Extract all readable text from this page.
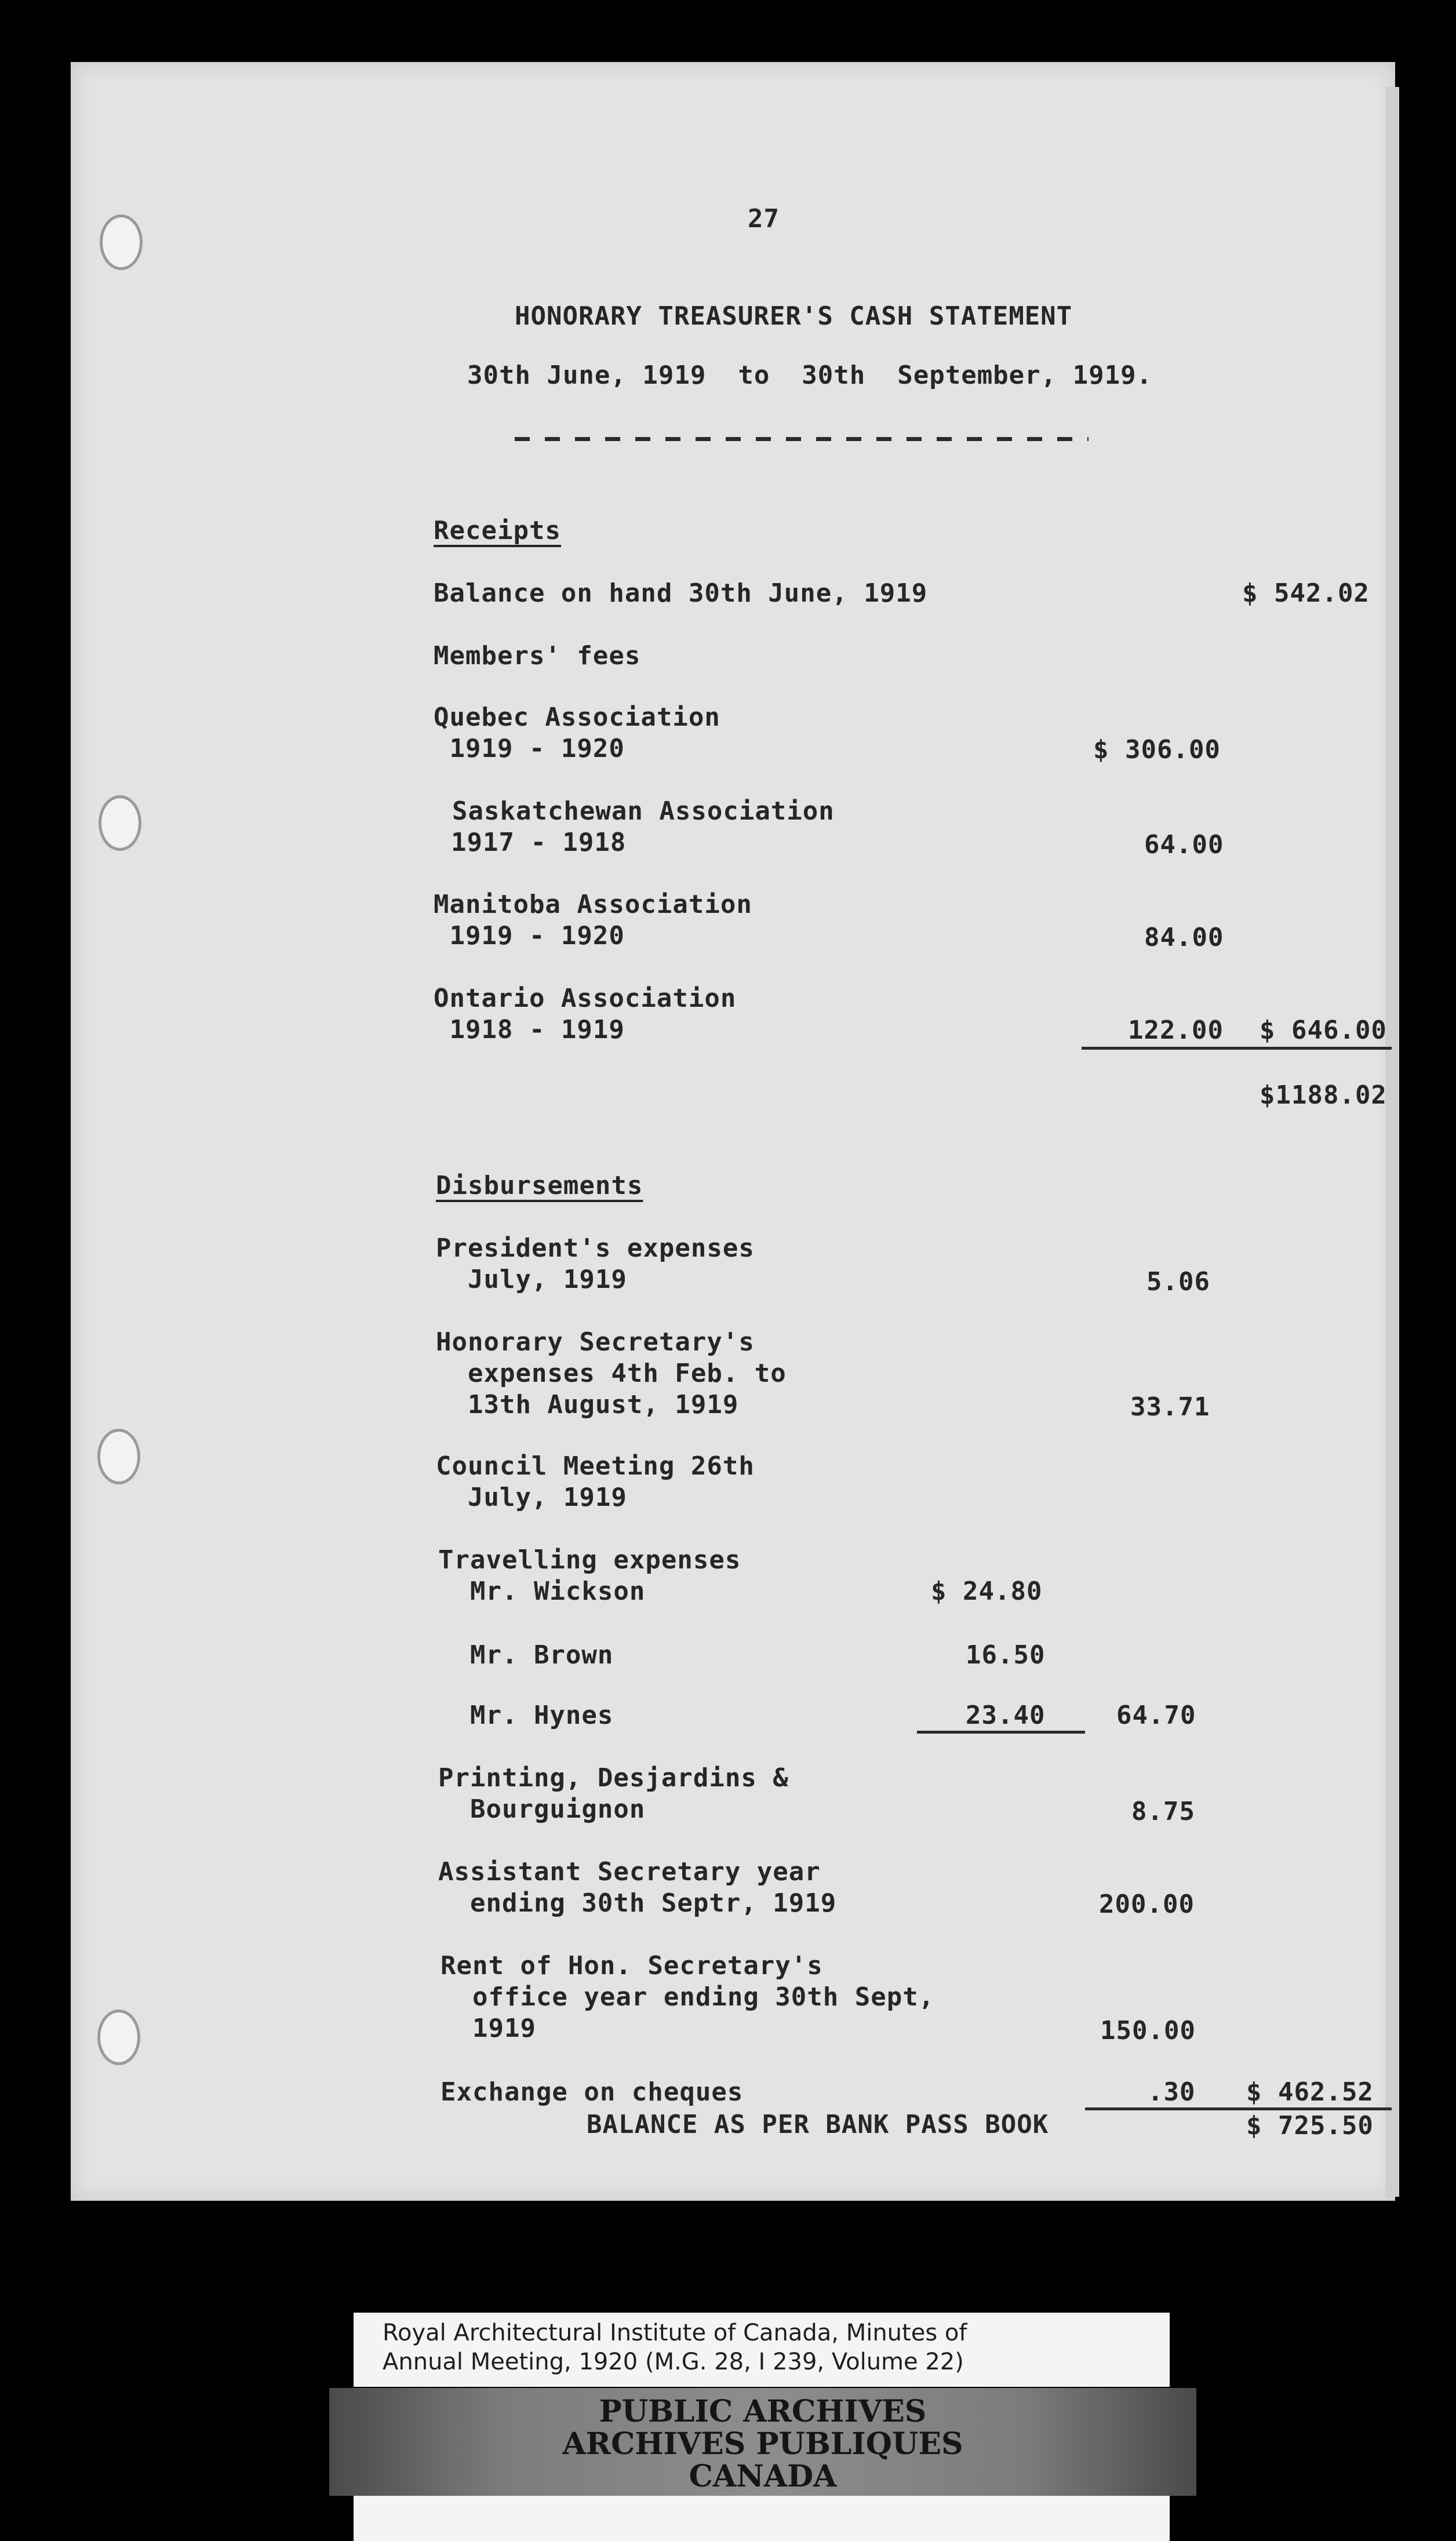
27
HONORARY TREASURER'S CASH STATEMENT
30th June, 1919  to  30th  September, 1919.
Receipts
Balance on hand 30th June, 1919	$ 542.02
Members' fees
Quebec Association
1919 - 1920	$ 306.00
Saskatchewan Association
1917 - 1918	64.00
Manitoba Association
1919 - 1920	84.00
Ontario Association
1918 - 1919	122.00 $ 646.00
$1188.02
Disbursements
President's expenses
July, 1919	5.06
Honorary Secretary's
expenses 4th Feb. to
13th August, 1919	33.71
Council Meeting 26th
July, 1919
Travelling expenses
Mr. Wickson	$ 24.80
Mr. Brown	16.50
Mr. Hynes	23.40	64.70
Printing, Desjardins &
Bourguignon	8.75
Assistant Secretary year
ending 30th Septr, 1919	200.00
Rent of Hon. Secretary's
office year ending 30th Sept,
1919	150.00
Exchange on cheques	.30 $ 462.52
BALANCE AS PER BANK PASS BOOK	$ 725.50
Royal Architectural Institute of Canada, Minutes of
Annual Meeting, 1920 (M.G. 28, I 239, Volume 22)
PUBLIC ARCHIVES
ARCHIVES PUBLIQUES
CANADA
